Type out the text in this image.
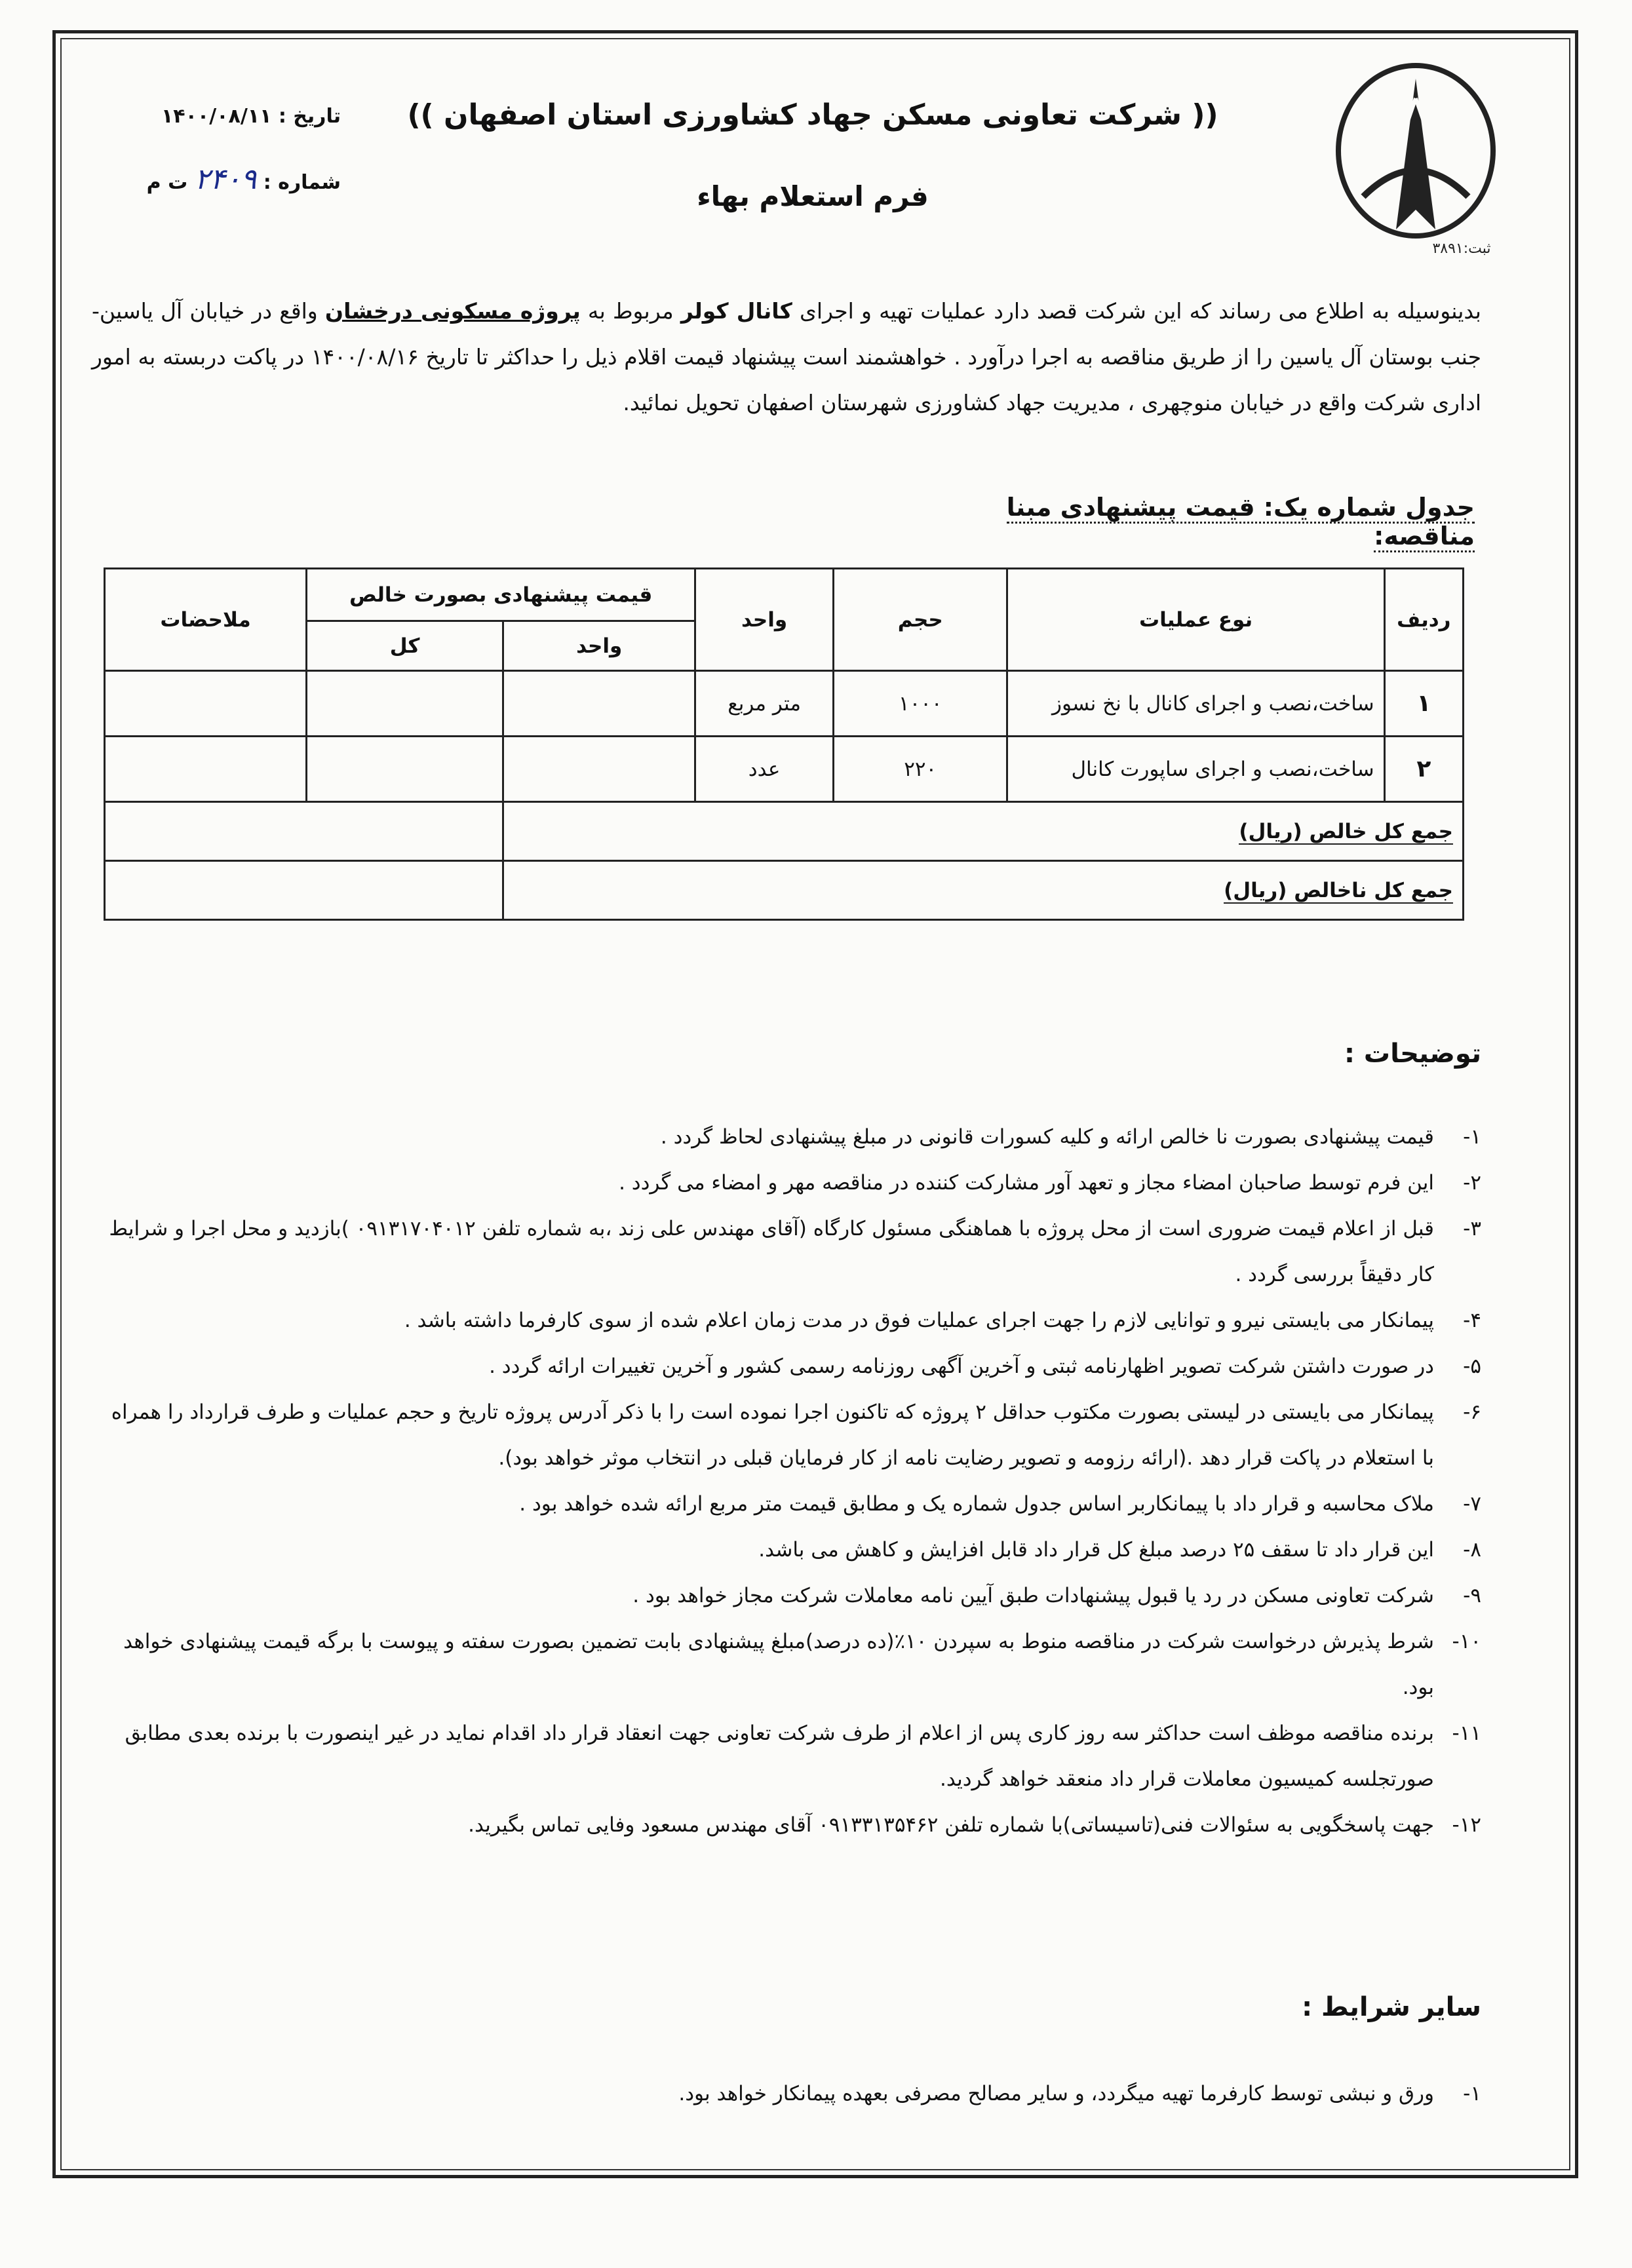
ثبت:۳۸۹۱
(( شرکت تعاونی مسکن جهاد کشاورزی استان اصفهان ))
فرم استعلام بهاء
تاریخ : ۱۴۰۰/۰۸/۱۱
شماره : ۲۴۰۹ ت م
بدینوسیله به اطلاع می رساند که این شرکت قصد دارد عملیات تهیه و اجرای کانال کولر مربوط به پروژه مسکونی درخشان واقع در خیابان آل یاسین-جنب بوستان آل یاسین را از طریق مناقصه به اجرا درآورد . خواهشمند است پیشنهاد قیمت اقلام ذیل را حداکثر تا تاریخ ۱۴۰۰/۰۸/۱۶ در پاکت دربسته به امور اداری شرکت واقع در خیابان منوچهری ، مدیریت جهاد کشاورزی شهرستان اصفهان تحویل نمائید.
جدول شماره یک: قیمت پیشنهادی مبنا مناقصه:
ردیف	نوع عملیات	حجم	واحد	قیمت پیشنهادی بصورت خالص		ملاحضات
				واحد	کل	
۱	ساخت،نصب و اجرای کانال با نخ نسوز	۱۰۰۰	متر مربع			
۲	ساخت،نصب و اجرای ساپورت کانال	۲۲۰	عدد			
جمع کل خالص (ریال)						
جمع کل ناخالص (ریال)						
توضیحات :
۱-
قیمت پیشنهادی بصورت نا خالص ارائه و کلیه کسورات قانونی در مبلغ پیشنهادی لحاظ گردد .
۲-
این فرم توسط صاحبان امضاء مجاز و تعهد آور مشارکت کننده در مناقصه مهر و امضاء می گردد .
۳-
قبل از اعلام قیمت ضروری است از محل پروژه با هماهنگی مسئول کارگاه (آقای مهندس علی زند ،به شماره تلفن ۰۹۱۳۱۷۰۴۰۱۲ )بازدید و محل اجرا و شرایط کار دقیقاً بررسی گردد .
۴-
پیمانکار می بایستی نیرو و توانایی لازم را جهت اجرای عملیات فوق در مدت زمان اعلام شده از سوی کارفرما داشته باشد .
۵-
در صورت داشتن شرکت تصویر اظهارنامه ثبتی و آخرین آگهی روزنامه رسمی کشور و آخرین تغییرات ارائه گردد .
۶-
پیمانکار می بایستی در لیستی بصورت مکتوب حداقل ۲ پروژه که تاکنون اجرا نموده است را با ذکر آدرس پروژه تاریخ و حجم عملیات و طرف قرارداد را همراه با استعلام در پاکت قرار دهد .(ارائه رزومه و تصویر رضایت نامه از کار فرمایان قبلی در انتخاب موثر خواهد بود).
۷-
ملاک محاسبه و قرار داد با پیمانکاربر اساس جدول شماره یک و مطابق قیمت متر مربع ارائه شده خواهد بود .
۸-
این قرار داد تا سقف ۲۵ درصد مبلغ کل قرار داد قابل افزایش و کاهش می باشد.
۹-
شرکت تعاونی مسکن در رد یا قبول پیشنهادات طبق آیین نامه معاملات شرکت مجاز خواهد بود .
۱۰-
شرط پذیرش درخواست شرکت در مناقصه منوط به سپردن ۱۰٪(ده درصد)مبلغ پیشنهادی بابت تضمین بصورت سفته و پیوست با برگه قیمت پیشنهادی خواهد بود.
۱۱-
برنده مناقصه موظف است حداکثر سه روز کاری پس از اعلام از طرف شرکت تعاونی جهت انعقاد قرار داد اقدام نماید در غیر اینصورت با برنده بعدی مطابق صورتجلسه کمیسیون معاملات قرار داد منعقد خواهد گردید.
۱۲-
جهت پاسخگویی به سئوالات فنی(تاسیساتی)با شماره تلفن ۰۹۱۳۳۱۳۵۴۶۲ آقای مهندس مسعود وفایی تماس بگیرید.
سایر شرایط :
۱-
ورق و نبشی توسط کارفرما تهیه میگردد، و سایر مصالح مصرفی بعهده پیمانکار خواهد بود.
